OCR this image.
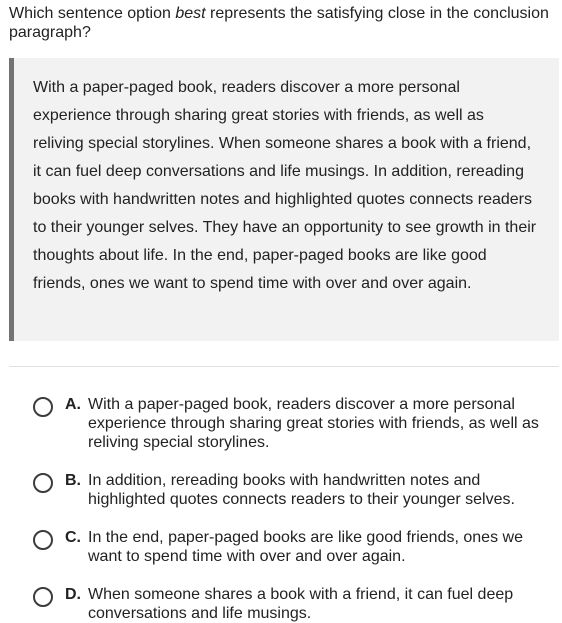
Which sentence option best represents the satisfying close in the conclusion paragraph?
With a paper-paged book, readers discover a more personal experience through sharing great stories with friends, as well as reliving special storylines. When someone shares a book with a friend, it can fuel deep conversations and life musings. In addition, rereading books with handwritten notes and highlighted quotes connects readers to their younger selves. They have an opportunity to see growth in their thoughts about life. In the end, paper-paged books are like good friends, ones we want to spend time with over and over again.
A. With a paper-paged book, readers discover a more personal experience through sharing great stories with friends, as well as reliving special storylines.
B. In addition, rereading books with handwritten notes and highlighted quotes connects readers to their younger selves.
C. In the end, paper-paged books are like good friends, ones we want to spend time with over and over again.
D. When someone shares a book with a friend, it can fuel deep conversations and life musings.
